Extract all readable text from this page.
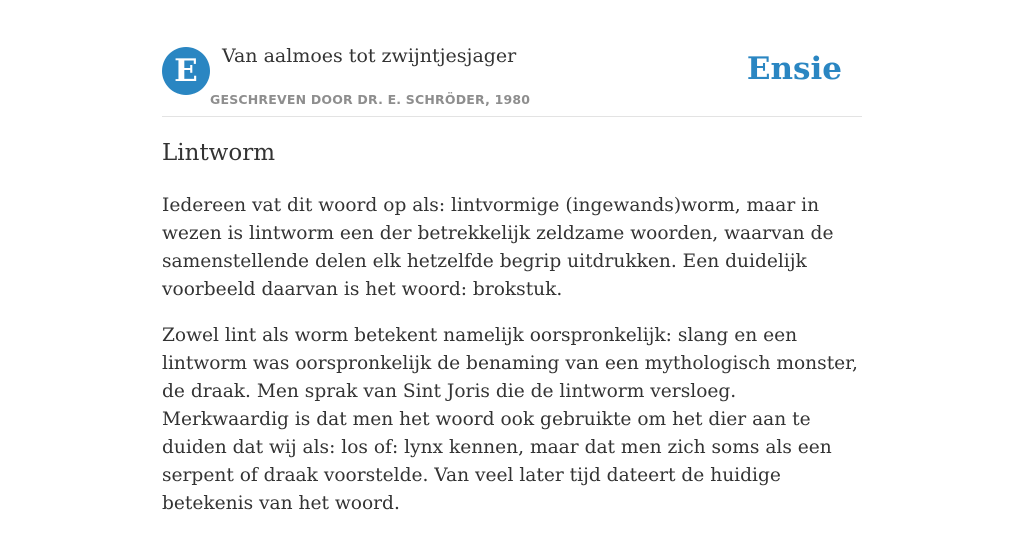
E	Van aalmoes tot zwijntjesjager
GESCHREVEN DOOR DR. E. SCHRÖDER, 1980
Ensie
Lintworm

Iedereen vat dit woord op als: lintvormige (ingewands)worm, maar in wezen is lintworm een der betrekkelijk zeldzame woorden, waarvan de samenstellende delen elk hetzelfde begrip uitdrukken. Een duidelijk voorbeeld daarvan is het woord: brokstuk.

Zowel lint als worm betekent namelijk oorspronkelijk: slang en een lintworm was oorspronkelijk de benaming van een mythologisch monster, de draak. Men sprak van Sint Joris die de lintworm versloeg. Merkwaardig is dat men het woord ook gebruikte om het dier aan te duiden dat wij als: los of: lynx kennen, maar dat men zich soms als een serpent of draak voorstelde. Van veel later tijd dateert de huidige betekenis van het woord.
